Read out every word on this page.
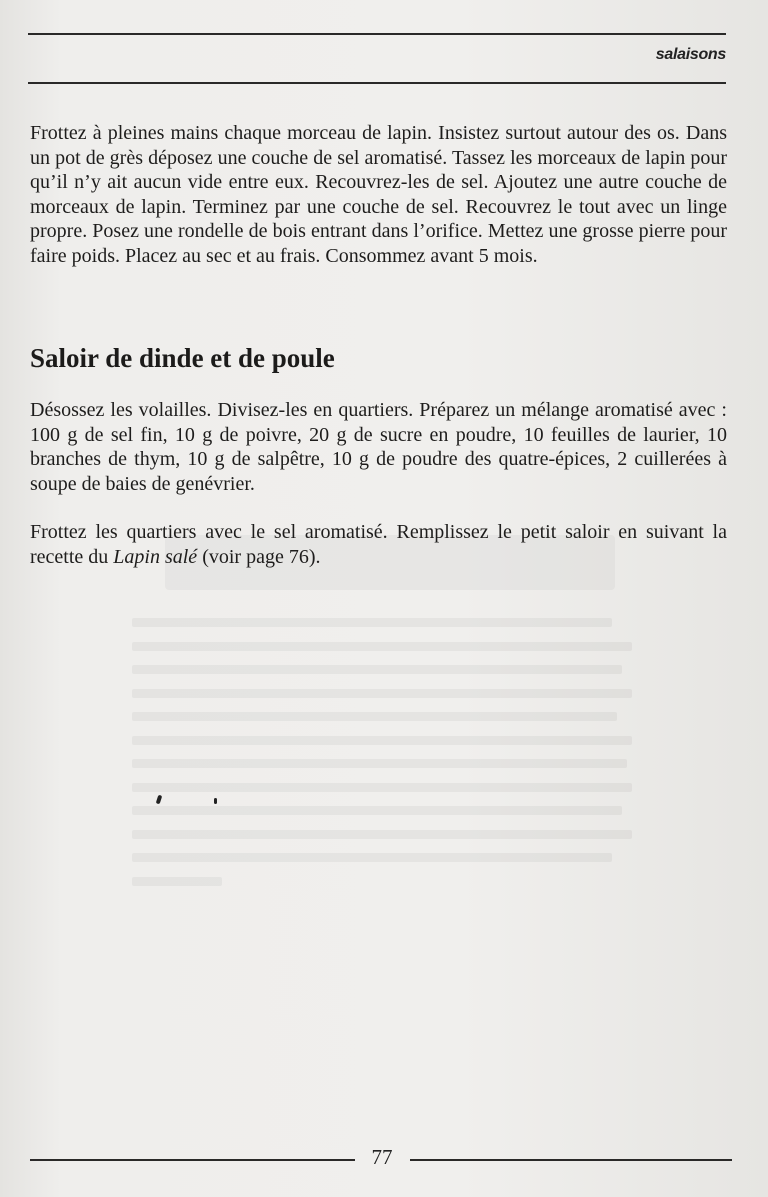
salaisons

Frottez à pleines mains chaque morceau de lapin. Insistez surtout autour des os. Dans un pot de grès déposez une couche de sel aromatisé. Tassez les morceaux de lapin pour qu’il n’y ait aucun vide entre eux. Recouvrez-les de sel. Ajoutez une autre couche de morceaux de lapin. Terminez par une couche de sel. Recouvrez le tout avec un linge propre. Posez une rondelle de bois entrant dans l’orifice. Mettez une grosse pierre pour faire poids. Placez au sec et au frais. Consommez avant 5 mois.

Saloir de dinde et de poule

Désossez les volailles. Divisez-les en quartiers. Préparez un mélange aromatisé avec : 100 g de sel fin, 10 g de poivre, 20 g de sucre en poudre, 10 feuilles de laurier, 10 branches de thym, 10 g de salpêtre, 10 g de poudre des quatre-épices, 2 cuillerées à soupe de baies de genévrier.

Frottez les quartiers avec le sel aromatisé. Remplissez le petit saloir en suivant la recette du Lapin salé (voir page 76).

77
